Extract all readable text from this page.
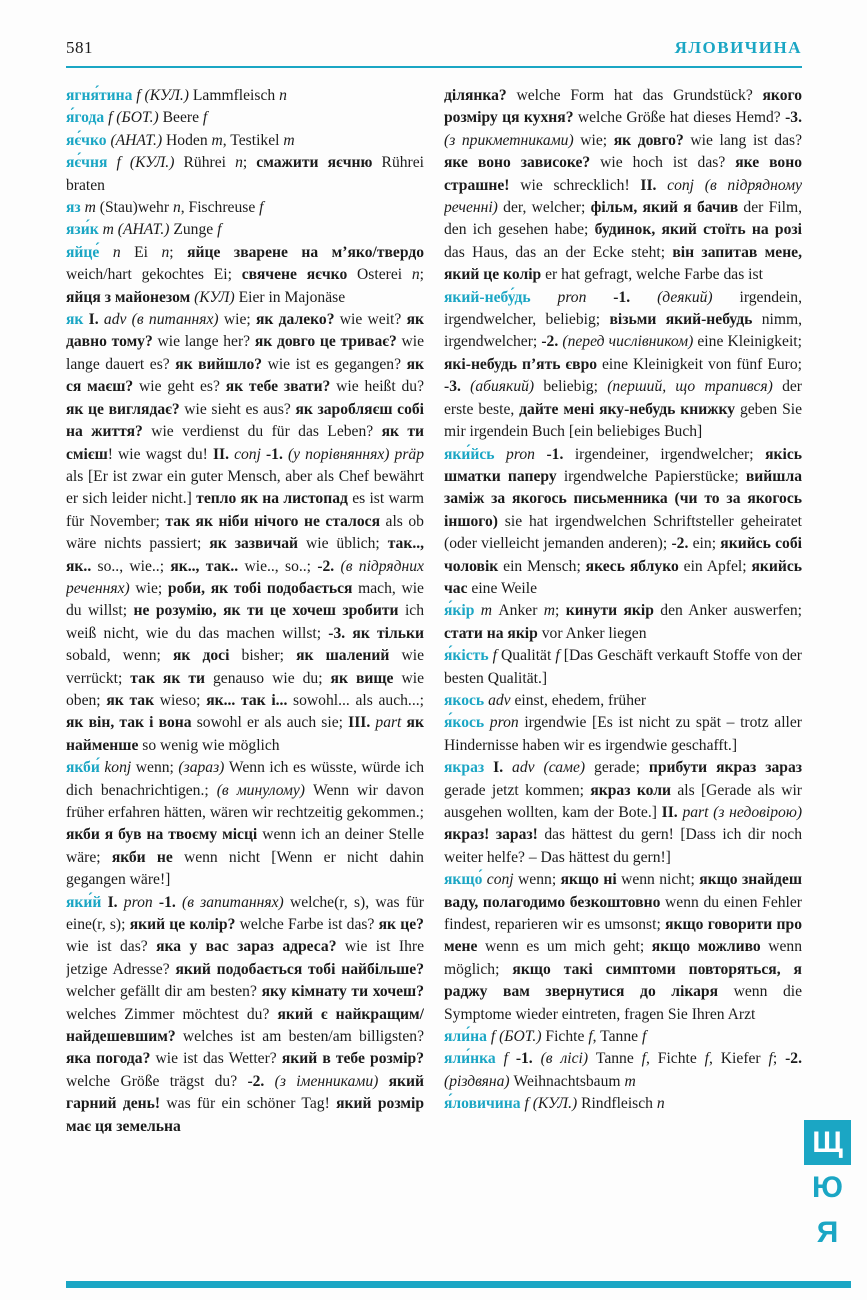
581	ЯЛОВИЧИНА

ягня́тина f (КУЛ.) Lammfleisch n

я́года f (БОТ.) Beere f

яє́чко (АНАТ.) Hoden m, Testikel m

яє́чня f (КУЛ.) Rührei n; смажити яєчню Rührei braten

яз m (Stau)wehr n, Fischreuse f

язи́к m (АНАТ.) Zunge f

яйце́ n Ei n; яйце зварене на м’яко/твердо weich/hart gekochtes Ei; свячене яєчко Osterei n; яйця з майонезом (КУЛ) Eier in Majonäse

як I. adv (в питаннях) wie; як далеко? wie weit? як давно тому? wie lange her? як довго це триває? wie lange dauert es? як вийшло? wie ist es gegangen? як ся маєш? wie geht es? як тебе звати? wie heißt du? як це виглядає? wie sieht es aus? як заробляєш собі на життя? wie verdienst du für das Leben? як ти смієш! wie wagst du! II. conj -1. (у порівняннях) präp als [Er ist zwar ein guter Mensch, aber als Chef bewährt er sich leider nicht.] тепло як на листопад es ist warm für November; так як ніби нічого не сталося als ob wäre nichts passiert; як зазвичай wie üblich; так.., як.. so.., wie..; як.., так.. wie.., so..; -2. (в підрядних реченнях) wie; роби, як тобі подобається mach, wie du willst; не розумію, як ти це хочеш зробити ich weiß nicht, wie du das machen willst; -3. як тільки sobald, wenn; як досі bisher; як шалений wie verrückt; так як ти genauso wie du; як вище wie oben; як так wieso; як... так і... sowohl... als auch...; як він, так і вона sowohl er als auch sie; III. part як найменше so wenig wie möglich

якби́ konj wenn; (зараз) Wenn ich es wüsste, würde ich dich benachrichtigen.; (в минулому) Wenn wir davon früher erfahren hätten, wären wir rechtzeitig gekommen.; якби я був на твоєму місці wenn ich an deiner Stelle wäre; якби не wenn nicht [Wenn er nicht dahin gegangen wäre!]

яки́й I. pron -1. (в запитаннях) welche(r, s), was für eine(r, s); який це колір? welche Farbe ist das? як це? wie ist das? яка у вас зараз адреса? wie ist Ihre jetzige Adresse? який подобається тобі найбільше? welcher gefällt dir am besten? яку кімнату ти хочеш? welches Zimmer möchtest du? який є найкращим/найдешевшим? welches ist am besten/am billigsten? яка погода? wie ist das Wetter? який в тебе розмір? welche Größe trägst du? -2. (з іменниками) який гарний день! was für ein schöner Tag! який розмір має ця земельна

ділянка? welche Form hat das Grundstück? якого розміру ця кухня? welche Größe hat dieses Hemd? -3. (з прикметниками) wie; як довго? wie lang ist das? яке воно зависоке? wie hoch ist das? яке воно страшне! wie schrecklich! II. conj (в підрядному реченні) der, welcher; фільм, який я бачив der Film, den ich gesehen habe; будинок, який стоїть на розі das Haus, das an der Ecke steht; він запитав мене, який це колір er hat gefragt, welche Farbe das ist

який-небу́дь pron -1. (деякий) irgendein, irgendwelcher, beliebig; візьми який-небудь nimm, irgendwelcher; -2. (перед числівником) eine Kleinigkeit; які-небудь п’ять євро eine Kleinigkeit von fünf Euro; -3. (абиякий) beliebig; (перший, що трапився) der erste beste, дайте мені яку-небудь книжку geben Sie mir irgendein Buch [ein beliebiges Buch]

яки́йсь pron -1. irgendeiner, irgendwelcher; якісь шматки паперу irgendwelche Papierstücke; вийшла заміж за якогось письменника (чи то за якогось іншого) sie hat irgendwelchen Schriftsteller geheiratet (oder vielleicht jemanden anderen); -2. ein; якийсь собі чоловік ein Mensch; якесь яблуко ein Apfel; якийсь час eine Weile

я́кір m Anker m; кинути якір den Anker auswerfen; стати на якір vor Anker liegen

я́кість f Qualität f [Das Geschäft verkauft Stoffe von der besten Qualität.]

якось adv einst, ehedem, früher

я́кось pron irgendwie [Es ist nicht zu spät – trotz aller Hindernisse haben wir es irgendwie geschafft.]

якраз I. adv (саме) gerade; прибути якраз зараз gerade jetzt kommen; якраз коли als [Gerade als wir ausgehen wollten, kam der Bote.] II. part (з недовірою) якраз! зараз! das hättest du gern! [Dass ich dir noch weiter helfe? – Das hättest du gern!]

якщо́ conj wenn; якщо ні wenn nicht; якщо знайдеш ваду, полагодимо безкоштовно wenn du einen Fehler findest, reparieren wir es umsonst; якщо говорити про мене wenn es um mich geht; якщо можливо wenn möglich; якщо такі симптоми повторяться, я раджу вам звернутися до лікаря wenn die Symptome wieder eintreten, fragen Sie Ihren Arzt

яли́на f (БОТ.) Fichte f, Tanne f

яли́нка f -1. (в лісі) Tanne f, Fichte f, Kiefer f; -2. (різдвяна) Weihnachtsbaum m

я́ловичина f (КУЛ.) Rindfleisch n

Щ
Ю
Я
